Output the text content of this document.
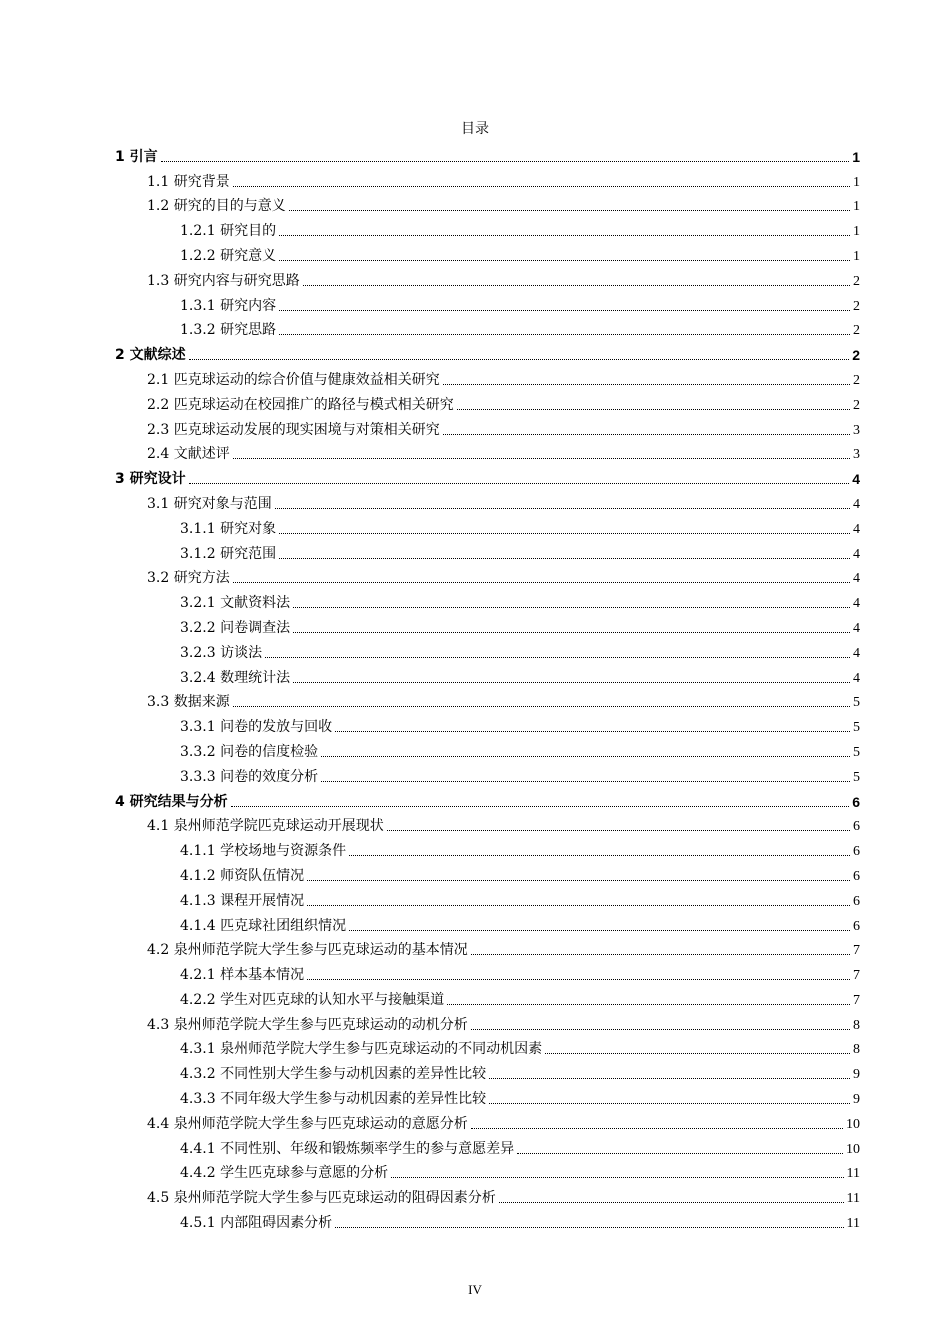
目录
1 引言	1
1.1 研究背景	1
1.2 研究的目的与意义	1
1.2.1 研究目的	1
1.2.2 研究意义	1
1.3 研究内容与研究思路	2
1.3.1 研究内容	2
1.3.2 研究思路	2
2 文献综述	2
2.1 匹克球运动的综合价值与健康效益相关研究	2
2.2 匹克球运动在校园推广的路径与模式相关研究	2
2.3 匹克球运动发展的现实困境与对策相关研究	3
2.4 文献述评	3
3 研究设计	4
3.1 研究对象与范围	4
3.1.1 研究对象	4
3.1.2 研究范围	4
3.2 研究方法	4
3.2.1 文献资料法	4
3.2.2 问卷调查法	4
3.2.3 访谈法	4
3.2.4 数理统计法	4
3.3 数据来源	5
3.3.1 问卷的发放与回收	5
3.3.2 问卷的信度检验	5
3.3.3 问卷的效度分析	5
4 研究结果与分析	6
4.1 泉州师范学院匹克球运动开展现状	6
4.1.1 学校场地与资源条件	6
4.1.2 师资队伍情况	6
4.1.3 课程开展情况	6
4.1.4 匹克球社团组织情况	6
4.2 泉州师范学院大学生参与匹克球运动的基本情况	7
4.2.1 样本基本情况	7
4.2.2 学生对匹克球的认知水平与接触渠道	7
4.3 泉州师范学院大学生参与匹克球运动的动机分析	8
4.3.1 泉州师范学院大学生参与匹克球运动的不同动机因素	8
4.3.2 不同性别大学生参与动机因素的差异性比较	9
4.3.3 不同年级大学生参与动机因素的差异性比较	9
4.4 泉州师范学院大学生参与匹克球运动的意愿分析	10
4.4.1 不同性别、年级和锻炼频率学生的参与意愿差异	10
4.4.2 学生匹克球参与意愿的分析	11
4.5 泉州师范学院大学生参与匹克球运动的阻碍因素分析	11
4.5.1 内部阻碍因素分析	11
IV
